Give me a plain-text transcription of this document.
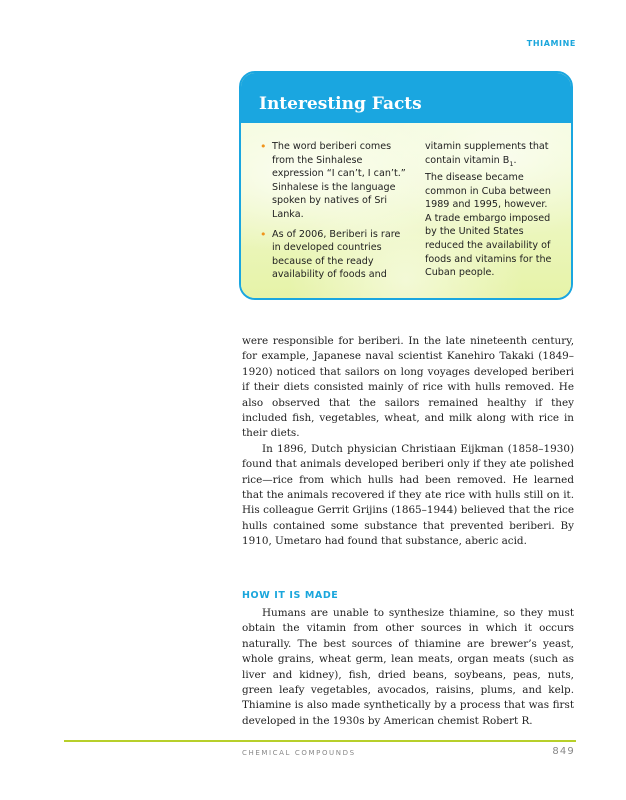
THIAMINE
Interesting Facts
• The word beriberi comes from the Sinhalese expression “I can’t, I can’t.” Sinhalese is the language spoken by natives of Sri Lanka.
• As of 2006, Beriberi is rare in developed countries because of the ready availability of foods and

vitamin supplements that contain vitamin $B_1$.

The disease became common in Cuba between 1989 and 1995, however.

A trade embargo imposed by the United States reduced the availability of foods and vitamins for the Cuban people.

were responsible for beriberi. In the late nineteenth century, for example, Japanese naval scientist Kanehiro Takaki (1849–1920) noticed that sailors on long voyages developed beriberi if their diets consisted mainly of rice with hulls removed. He also observed that the sailors remained healthy if they included fish, vegetables, wheat, and milk along with rice in their diets.

In 1896, Dutch physician Christiaan Eijkman (1858–1930) found that animals developed beriberi only if they ate polished rice—rice from which hulls had been removed. He learned that the animals recovered if they ate rice with hulls still on it. His colleague Gerrit Grijins (1865–1944) believed that the rice hulls contained some substance that prevented beriberi. By 1910, Umetaro had found that substance, aberic acid.

HOW IT IS MADE

Humans are unable to synthesize thiamine, so they must obtain the vitamin from other sources in which it occurs naturally. The best sources of thiamine are brewer’s yeast, whole grains, wheat germ, lean meats, organ meats (such as liver and kidney), fish, dried beans, soybeans, peas, nuts, green leafy vegetables, avocados, raisins, plums, and kelp. Thiamine is also made synthetically by a process that was first developed in the 1930s by American chemist Robert R.

CHEMICAL COMPOUNDS	849
